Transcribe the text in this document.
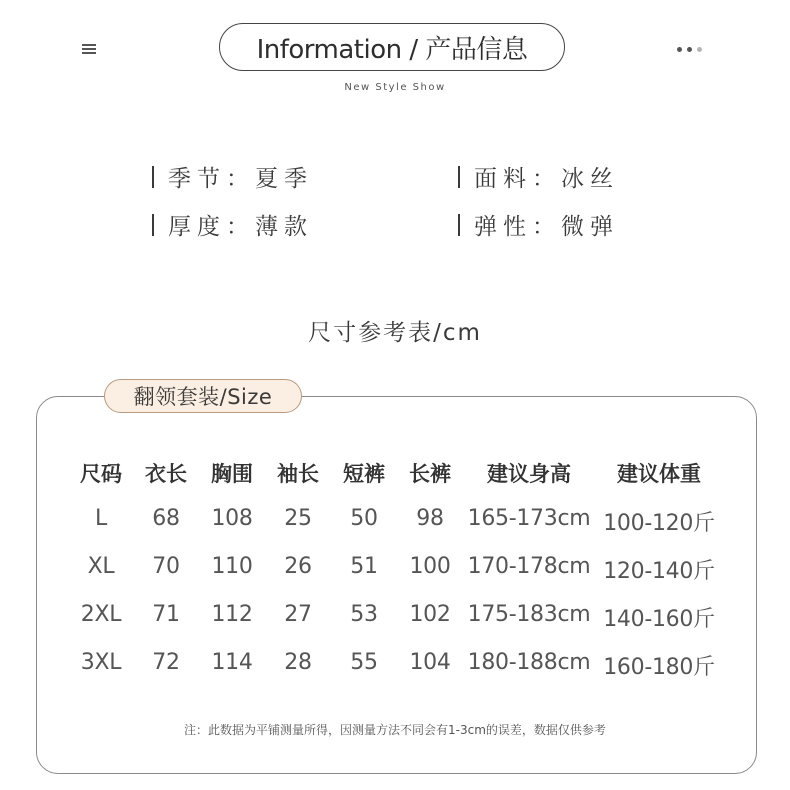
Information / 产品信息
New Style Show
季节 ： 夏季	面料 ： 冰丝
厚度 ： 薄款	弹性 ： 微弹
尺寸参考表/cm
翻领套装/Size
尺码 衣长 胸围 袖长 短裤 长裤 建议身高 建议体重
L 68 108 25 50 98 165-173cm 100-120斤
XL 70 110 26 51 100 170-178cm 120-140斤
2XL 71 112 27 53 102 175-183cm 140-160斤
3XL 72 114 28 55 104 180-188cm 160-180斤
注：此数据为平铺测量所得，因测量方法不同会有1-3cm的误差，数据仅供参考
